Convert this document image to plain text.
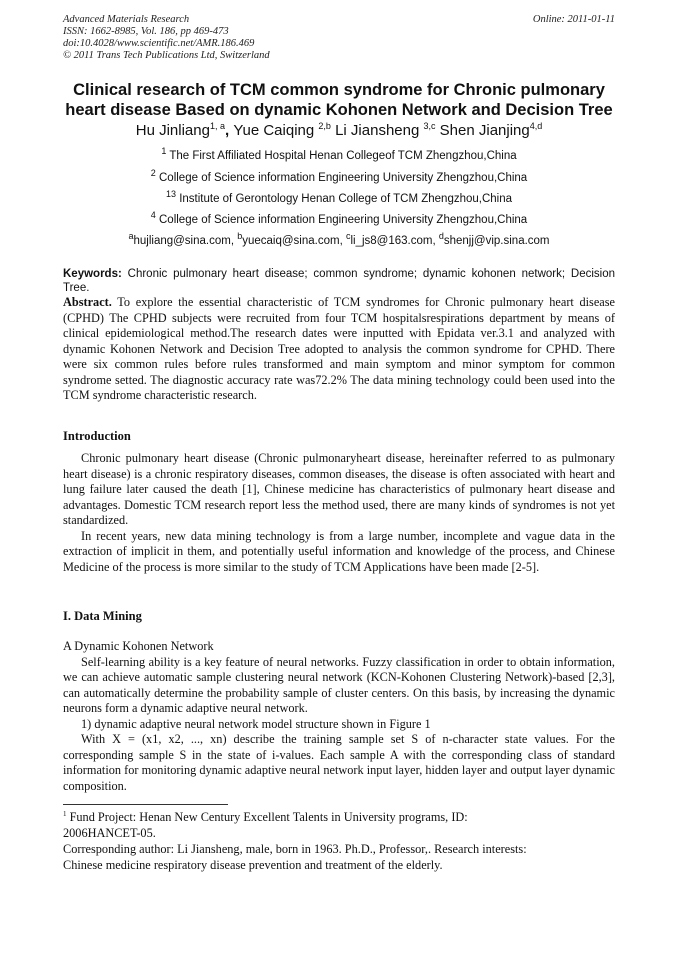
Advanced Materials Research
ISSN: 1662-8985, Vol. 186, pp 469-473
doi:10.4028/www.scientific.net/AMR.186.469
© 2011 Trans Tech Publications Ltd, Switzerland
Online: 2011-01-11
Clinical research of TCM common syndrome for Chronic pulmonary
heart disease Based on dynamic Kohonen Network and Decision Tree
Hu Jinliang$^{1, a}$, Yue Caiqing $^{2,b}$ Li Jiansheng $^{3,c}$ Shen Jianjing$^{4,d}$
$^1$ The First Affiliated Hospital Henan Collegeof TCM Zhengzhou,China
$^2$ College of Science information Engineering University Zhengzhou,China
$^{13}$ Institute of Gerontology Henan College of TCM Zhengzhou,China
$^4$ College of Science information Engineering University Zhengzhou,China
$^a$hujliang@sina.com, $^b$yuecaiq@sina.com, $^c$li_js8@163.com, $^d$shenjj@vip.sina.com

Keywords: Chronic pulmonary heart disease; common syndrome; dynamic kohonen network; Decision Tree.

Abstract. To explore the essential characteristic of TCM syndromes for Chronic pulmonary heart disease (CPHD) The CPHD subjects were recruited from four TCM hospitalsrespirations department by means of clinical epidemiological method.The research dates were inputted with Epidata ver.3.1 and analyzed with dynamic Kohonen Network and Decision Tree adopted to analysis the common syndrome for CPHD. There were six common rules before rules transformed and main symptom and minor symptom for common syndrome setted. The diagnostic accuracy rate was72.2% The data mining technology could been used into the TCM syndrome characteristic research.

Introduction

Chronic pulmonary heart disease (Chronic pulmonaryheart disease, hereinafter referred to as pulmonary heart disease) is a chronic respiratory diseases, common diseases, the disease is often associated with heart and lung failure later caused the death [1], Chinese medicine has characteristics of pulmonary heart disease and advantages. Domestic TCM research report less the method used, there are many kinds of syndromes is not yet standardized.

In recent years, new data mining technology is from a large number, incomplete and vague data in the extraction of implicit in them, and potentially useful information and knowledge of the process, and Chinese Medicine of the process is more similar to the study of TCM Applications have been made [2-5].

I. Data Mining

A Dynamic Kohonen Network

Self-learning ability is a key feature of neural networks. Fuzzy classification in order to obtain information, we can achieve automatic sample clustering neural network (KCN-Kohonen Clustering Network)-based [2,3], can automatically determine the probability sample of cluster centers. On this basis, by increasing the dynamic neurons form a dynamic adaptive neural network.

1) dynamic adaptive neural network model structure shown in Figure 1

With X = (x1, x2, ..., xn) describe the training sample set S of n-character state values. For the corresponding sample S in the state of i-values. Each sample A with the corresponding class of standard information for monitoring dynamic adaptive neural network input layer, hidden layer and output layer dynamic composition.

$^1$ Fund Project: Henan New Century Excellent Talents in University programs, ID:
2006HANCET-05.
Corresponding author: Li Jiansheng, male, born in 1963. Ph.D., Professor,. Research interests:
Chinese medicine respiratory disease prevention and treatment of the elderly.
